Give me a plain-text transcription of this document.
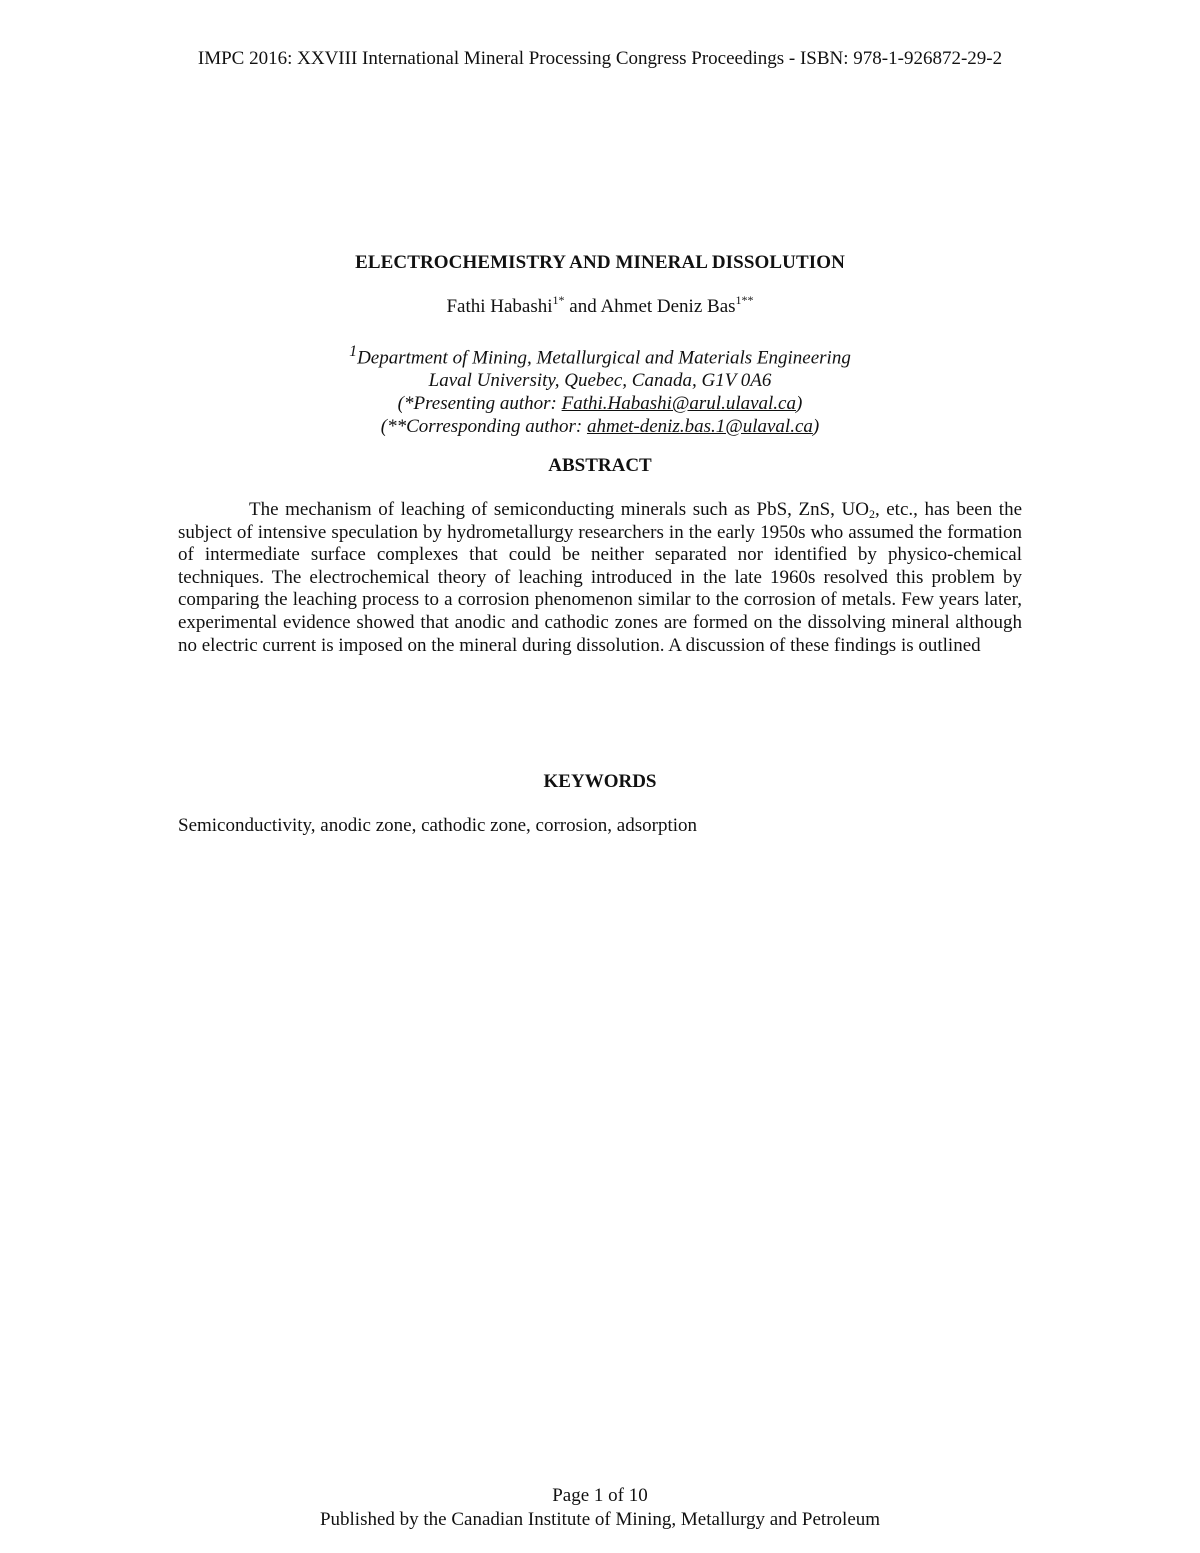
IMPC 2016: XXVIII International Mineral Processing Congress Proceedings - ISBN: 978-1-926872-29-2
ELECTROCHEMISTRY AND MINERAL DISSOLUTION
Fathi Habashi$^{1*}$ and Ahmet Deniz Bas$^{1**}$
$^1$Department of Mining, Metallurgical and Materials Engineering
Laval University, Quebec, Canada, G1V 0A6
(*Presenting author: Fathi.Habashi@arul.ulaval.ca)
(**Corresponding author: ahmet-deniz.bas.1@ulaval.ca)
ABSTRACT

The mechanism of leaching of semiconducting minerals such as PbS, ZnS, $UO_2$, etc., has been the subject of intensive speculation by hydrometallurgy researchers in the early 1950s who assumed the formation of intermediate surface complexes that could be neither separated nor identified by physico-chemical techniques. The electrochemical theory of leaching introduced in the late 1960s resolved this problem by comparing the leaching process to a corrosion phenomenon similar to the corrosion of metals. Few years later, experimental evidence showed that anodic and cathodic zones are formed on the dissolving mineral although no electric current is imposed on the mineral during dissolution. A discussion of these findings is outlined

KEYWORDS

Semiconductivity, anodic zone, cathodic zone, corrosion, adsorption

Page 1 of 10
Published by the Canadian Institute of Mining, Metallurgy and Petroleum
